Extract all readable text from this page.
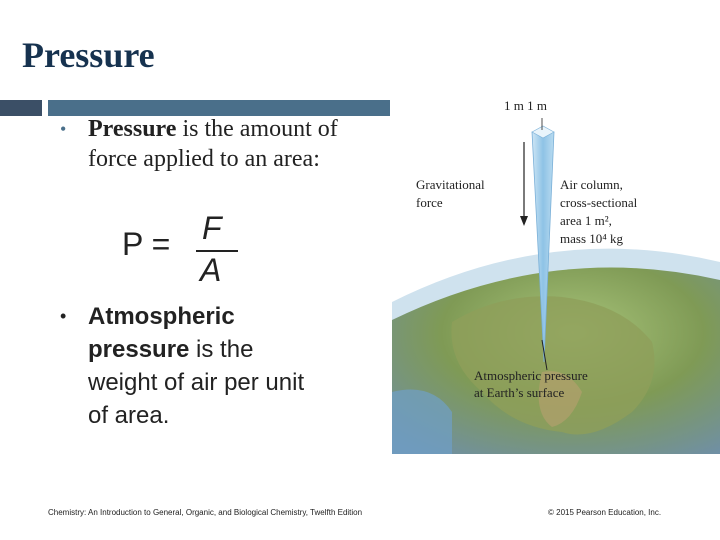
Pressure
• Pressure is the amount of force applied to an area:
P = F
A
• Atmospheric pressure is the weight of air per unit of area.
1 m 1 m
Gravitational force
Air column, cross-sectional area 1 m², mass 10⁴ kg
Atmospheric pressure at Earth’s surface
Chemistry: An Introduction to General, Organic, and Biological Chemistry, Twelfth Edition	© 2015 Pearson Education, Inc.
